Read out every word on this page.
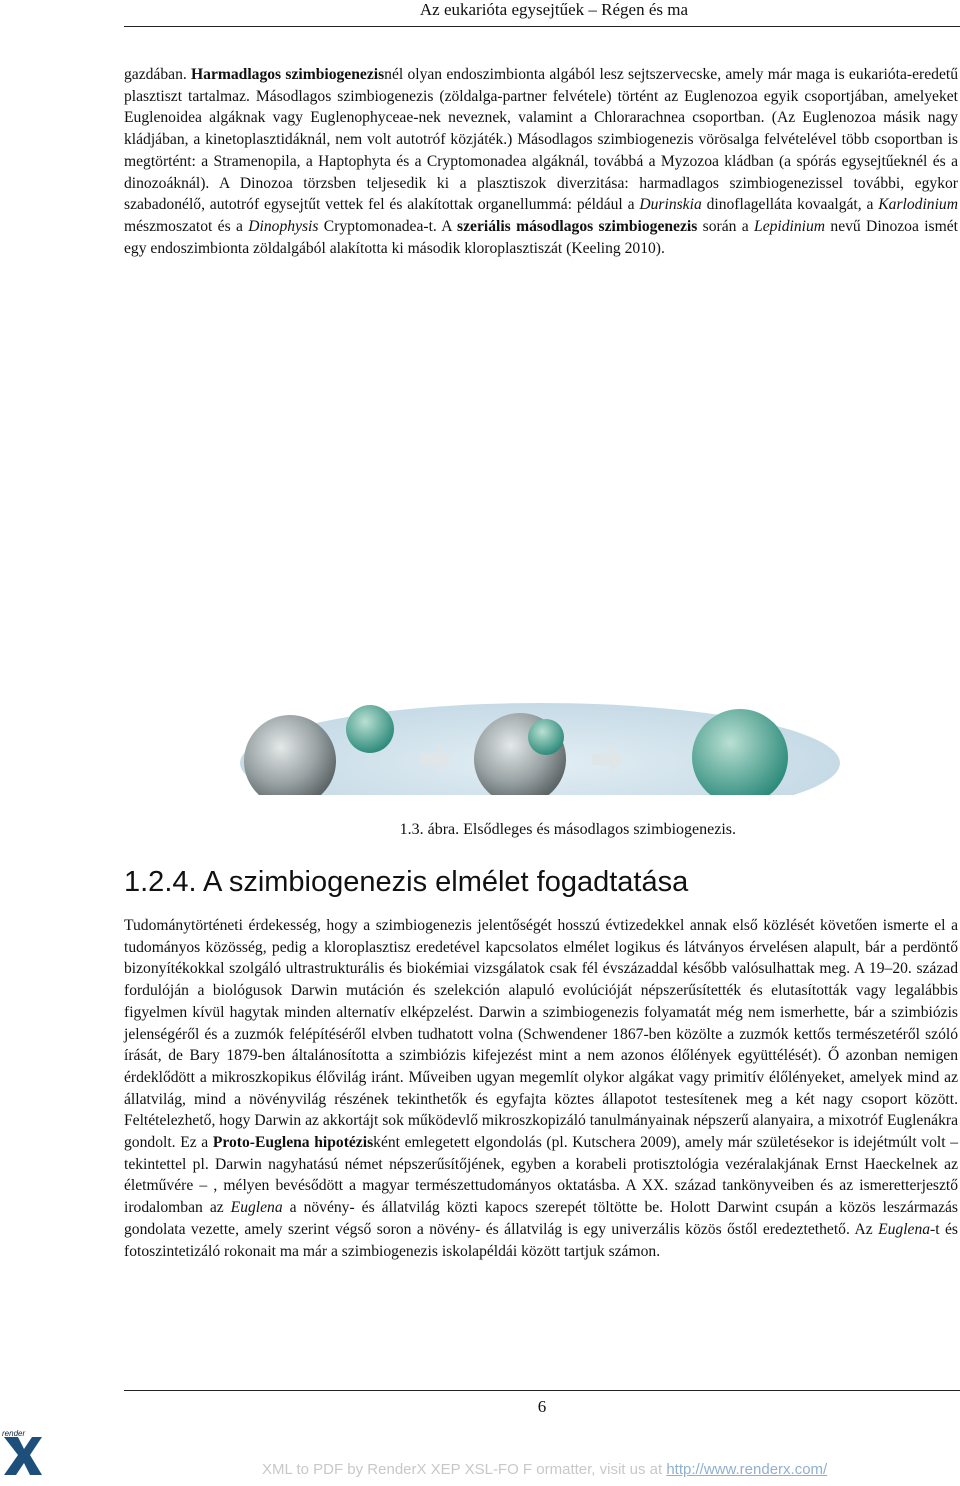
Az eukarióta egysejtűek – Régen és ma

gazdában. Harmadlagos szimbiogenezisnél olyan endoszimbionta algából lesz sejtszervecske, amely már maga is eukarióta-eredetű plasztiszt tartalmaz. Másodlagos szimbiogenezis (zöldalga-partner felvétele) történt az Euglenozoa egyik csoportjában, amelyeket Euglenoidea algáknak vagy Euglenophyceae-nek neveznek, valamint a Chlorarachnea csoportban. (Az Euglenozoa másik nagy kládjában, a kinetoplasztidáknál, nem volt autotróf közjáték.) Másodlagos szimbiogenezis vörösalga felvételével több csoportban is megtörtént: a Stramenopila, a Haptophyta és a Cryptomonadea algáknál, továbbá a Myzozoa kládban (a spórás egysejtűeknél és a dinozoáknál). A Dinozoa törzsben teljesedik ki a plasztiszok diverzitása: harmadlagos szimbiogenezissel további, egykor szabadonélő, autotróf egysejtűt vettek fel és alakítottak organellummá: például a Durinskia dinoflagelláta kovaalgát, a Karlodinium mészmoszatot és a Dinophysis Cryptomonadea-t. A szeriális másodlagos szimbiogenezis során a Lepidinium nevű Dinozoa ismét egy endoszimbionta zöldalgából alakította ki második kloroplasztiszát (Keeling 2010).

1.3. ábra. Elsődleges és másodlagos szimbiogenezis.
1.2.4. A szimbiogenezis elmélet fogadtatása

Tudománytörténeti érdekesség, hogy a szimbiogenezis jelentőségét hosszú évtizedekkel annak első közlését követően ismerte el a tudományos közösség, pedig a kloroplasztisz eredetével kapcsolatos elmélet logikus és látványos érvelésen alapult, bár a perdöntő bizonyítékokkal szolgáló ultrastrukturális és biokémiai vizsgálatok csak fél évszázaddal később valósulhattak meg. A 19–20. század fordulóján a biológusok Darwin mutáción és szelekción alapuló evolúcióját népszerűsítették és elutasították vagy legalábbis figyelmen kívül hagytak minden alternatív elképzelést. Darwin a szimbiogenezis folyamatát még nem ismerhette, bár a szimbiózis jelenségéről és a zuzmók felépítéséről elvben tudhatott volna (Schwendener 1867-ben közölte a zuzmók kettős természetéről szóló írását, de Bary 1879-ben általánosította a szimbiózis kifejezést mint a nem azonos élőlények együttélését). Ő azonban nemigen érdeklődött a mikroszkopikus élővilág iránt. Műveiben ugyan megemlít olykor algákat vagy primitív élőlényeket, amelyek mind az állatvilág, mind a növényvilág részének tekinthetők és egyfajta köztes állapotot testesítenek meg a két nagy csoport között. Feltételezhető, hogy Darwin az akkortájt sok működevlő mikroszkopizáló tanulmányainak népszerű alanyaira, a mixotróf Euglenákra gondolt. Ez a Proto-Euglena hipotézisként emlegetett elgondolás (pl. Kutschera 2009), amely már születésekor is idejétmúlt volt – tekintettel pl. Darwin nagyhatású német népszerűsítőjének, egyben a korabeli protisztológia vezéralakjának Ernst Haeckelnek az életművére – , mélyen bevésődött a magyar természettudományos oktatásba. A XX. század tankönyveiben és az ismeretterjesztő irodalomban az Euglena a növény- és állatvilág közti kapocs szerepét töltötte be. Holott Darwint csupán a közös leszármazás gondolata vezette, amely szerint végső soron a növény- és állatvilág is egy univerzális közös őstől eredeztethető. Az Euglena-t és fotoszintetizáló rokonait ma már a szimbiogenezis iskolapéldái között tartjuk számon.

6
render
XML to PDF by RenderX XEP XSL-FO F ormatter, visit us at http://www.renderx.com/
